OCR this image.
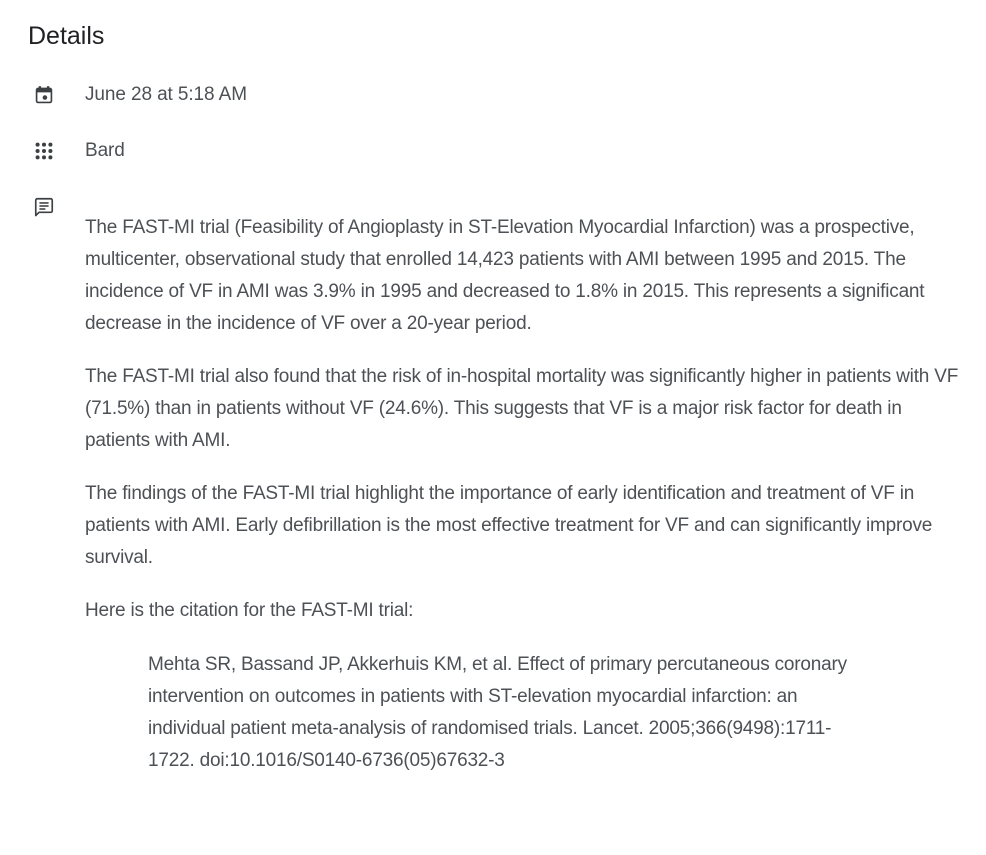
Details
June 28 at 5:18 AM
Bard

The FAST-MI trial (Feasibility of Angioplasty in ST-Elevation Myocardial Infarction) was a prospective, multicenter, observational study that enrolled 14,423 patients with AMI between 1995 and 2015. The incidence of VF in AMI was 3.9% in 1995 and decreased to 1.8% in 2015. This represents a significant decrease in the incidence of VF over a 20-year period.

The FAST-MI trial also found that the risk of in-hospital mortality was significantly higher in patients with VF (71.5%) than in patients without VF (24.6%). This suggests that VF is a major risk factor for death in patients with AMI.

The findings of the FAST-MI trial highlight the importance of early identification and treatment of VF in patients with AMI. Early defibrillation is the most effective treatment for VF and can significantly improve survival.

Here is the citation for the FAST-MI trial:

Mehta SR, Bassand JP, Akkerhuis KM, et al. Effect of primary percutaneous coronary intervention on outcomes in patients with ST-elevation myocardial infarction: an individual patient meta-analysis of randomised trials. Lancet. 2005;366(9498):1711-1722. doi:10.1016/S0140-6736(05)67632-3
